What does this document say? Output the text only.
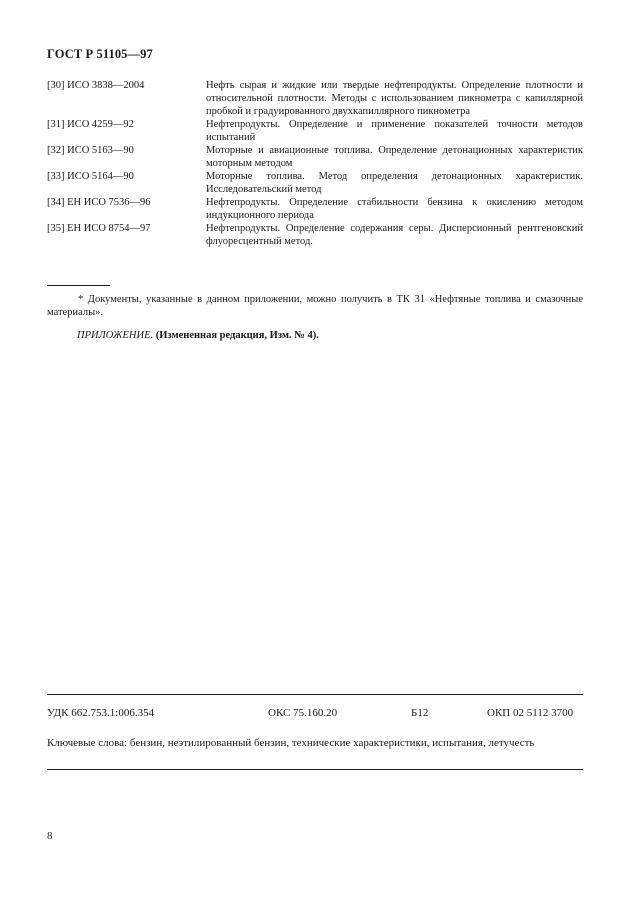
ГОСТ Р 51105—97
[30] ИСО 3838—2004	Нефть сырая и жидкие или твердые нефтепродукты. Определение плотности и относительной плотности. Методы с использованием пикнометра с капиллярной пробкой и градуированного двухкапиллярного пикнометра
[31] ИСО 4259—92	Нефтепродукты. Определение и применение показателей точности методов испытаний
[32] ИСО 5163—90	Моторные и авиационные топлива. Определение детонационных характеристик моторным методом
[33] ИСО 5164—90	Моторные топлива. Метод определения детонационных характеристик. Исследовательский метод
[34] ЕН ИСО 7536—96	Нефтепродукты. Определение стабильности бензина к окислению методом индукционного периода
[35] ЕН ИСО 8754—97	Нефтепродукты. Определение содержания серы. Дисперсионный рентгеновский флуоресцентный метод.
* Документы, указанные в данном приложении, можно получить в ТК 31 «Нефтяные топлива и смазочные материалы».
ПРИЛОЖЕНИЕ. (Измененная редакция, Изм. № 4).
УДК 662.753.1:006.354	ОКС 75.160.20	Б12	ОКП 02 5112 3700
Ключевые слова: бензин, неэтилированный бензин, технические характеристики, испытания, летучесть
8
